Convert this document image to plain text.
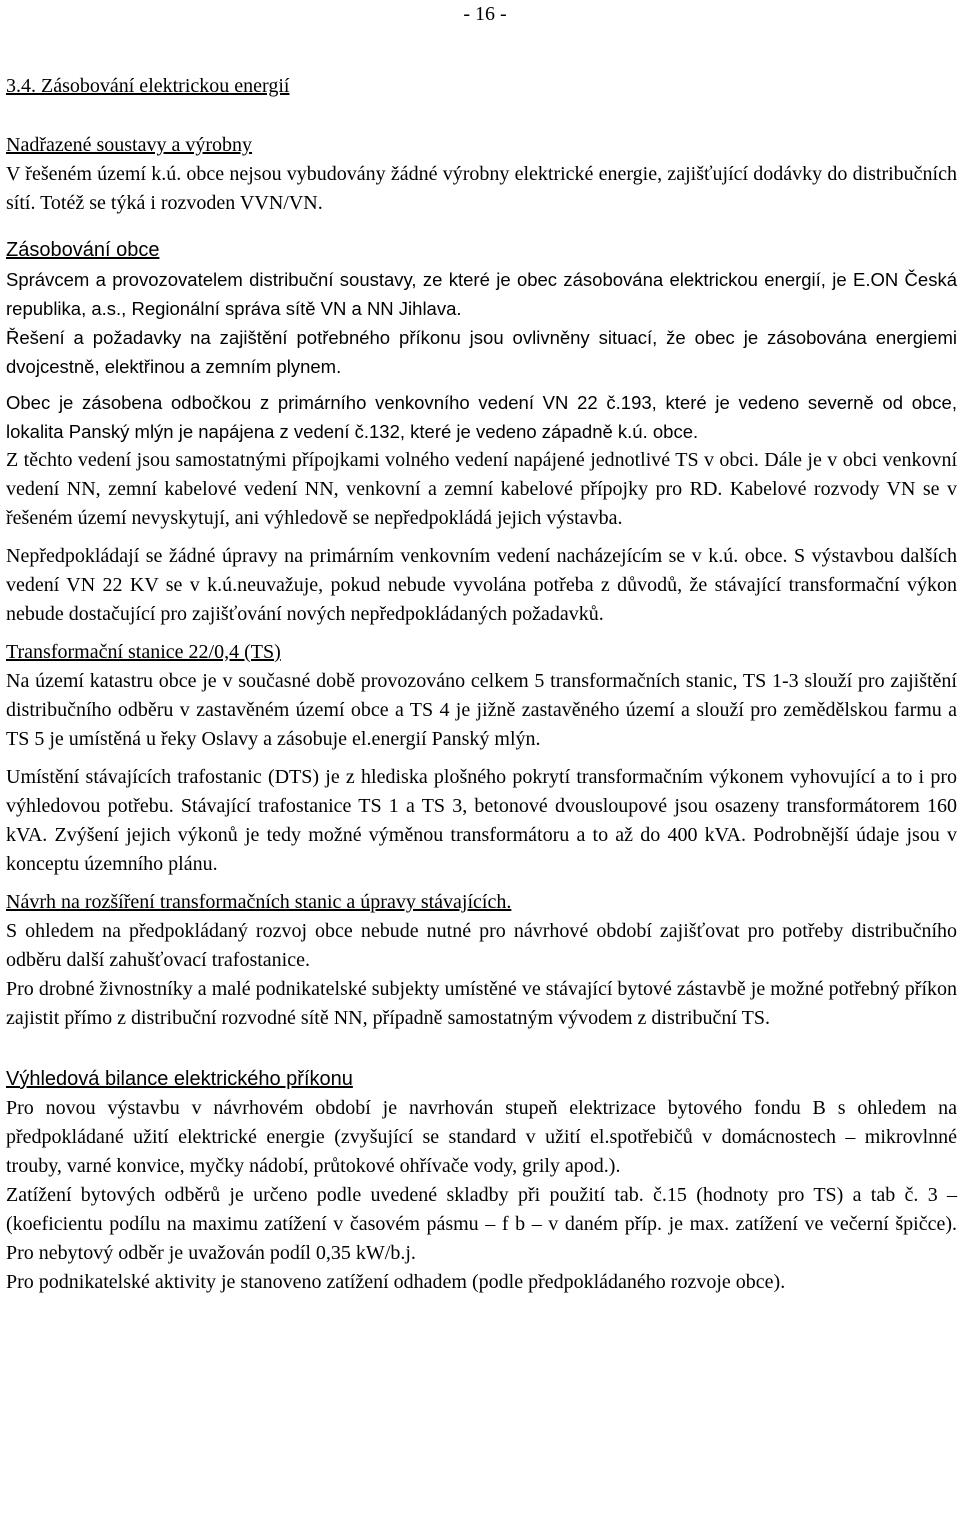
- 16 -
3.4. Zásobování elektrickou energií
Nadřazené soustavy a výrobny

V řešeném území k.ú. obce nejsou vybudovány žádné výrobny elektrické energie, zajišťující dodávky do distribučních sítí. Totéž se týká i rozvoden VVN/VN.

Zásobování obce

Správcem a provozovatelem distribuční soustavy, ze které je obec zásobována elektrickou energií, je E.ON Česká republika, a.s., Regionální správa sítě VN a NN Jihlava.

Řešení a požadavky na zajištění potřebného příkonu jsou ovlivněny situací, že obec je zásobována energiemi dvojcestně, elektřinou a zemním plynem.

Obec je zásobena odbočkou z primárního venkovního vedení VN 22 č.193, které je vedeno severně od obce, lokalita Panský mlýn je napájena z vedení č.132, které je vedeno západně k.ú. obce.

Z těchto vedení jsou samostatnými přípojkami volného vedení napájené jednotlivé TS v obci. Dále je v obci venkovní vedení NN, zemní kabelové vedení NN, venkovní a zemní kabelové přípojky pro RD. Kabelové rozvody VN se v řešeném území nevyskytují, ani výhledově se nepředpokládá jejich výstavba.

Nepředpokládají se žádné úpravy na primárním venkovním vedení nacházejícím se v k.ú. obce. S výstavbou dalších vedení VN 22 KV se v k.ú.neuvažuje, pokud nebude vyvolána potřeba z důvodů, že stávající transformační výkon nebude dostačující pro zajišťování nových nepředpokládaných požadavků.

Transformační stanice 22/0,4 (TS)

Na území katastru obce je v současné době provozováno celkem 5 transformačních stanic, TS 1-3 slouží pro zajištění distribučního odběru v zastavěném území obce a TS 4 je jižně zastavěného území a slouží pro zemědělskou farmu a TS 5 je umístěná u řeky Oslavy a zásobuje el.energií Panský mlýn.

Umístění stávajících trafostanic (DTS) je z hlediska plošného pokrytí transformačním výkonem vyhovující a to i pro výhledovou potřebu. Stávající trafostanice TS 1 a TS 3, betonové dvousloupové jsou osazeny transformátorem 160 kVA. Zvýšení jejich výkonů je tedy možné výměnou transformátoru a to až do 400 kVA. Podrobnější údaje jsou v konceptu územního plánu.

Návrh na rozšíření transformačních stanic a úpravy stávajících.

S ohledem na předpokládaný rozvoj obce nebude nutné pro návrhové období zajišťovat pro potřeby distribučního odběru další zahušťovací trafostanice.

Pro drobné živnostníky a malé podnikatelské subjekty umístěné ve stávající bytové zástavbě je možné potřebný příkon zajistit přímo z distribuční rozvodné sítě NN, případně samostatným vývodem z distribuční TS.

Výhledová bilance elektrického příkonu

Pro novou výstavbu v návrhovém období je navrhován stupeň elektrizace bytového fondu B s ohledem na předpokládané užití elektrické energie (zvyšující se standard v užití el.spotřebičů v domácnostech – mikrovlnné trouby, varné konvice, myčky nádobí, průtokové ohřívače vody, grily apod.).

Zatížení bytových odběrů je určeno podle uvedené skladby při použití tab. č.15 (hodnoty pro TS) a tab č. 3 – (koeficientu podílu na maximu zatížení v časovém pásmu – f b – v daném příp. je max. zatížení ve večerní špičce). Pro nebytový odběr je uvažován podíl 0,35 kW/b.j.

Pro podnikatelské aktivity je stanoveno zatížení odhadem (podle předpokládaného rozvoje obce).
